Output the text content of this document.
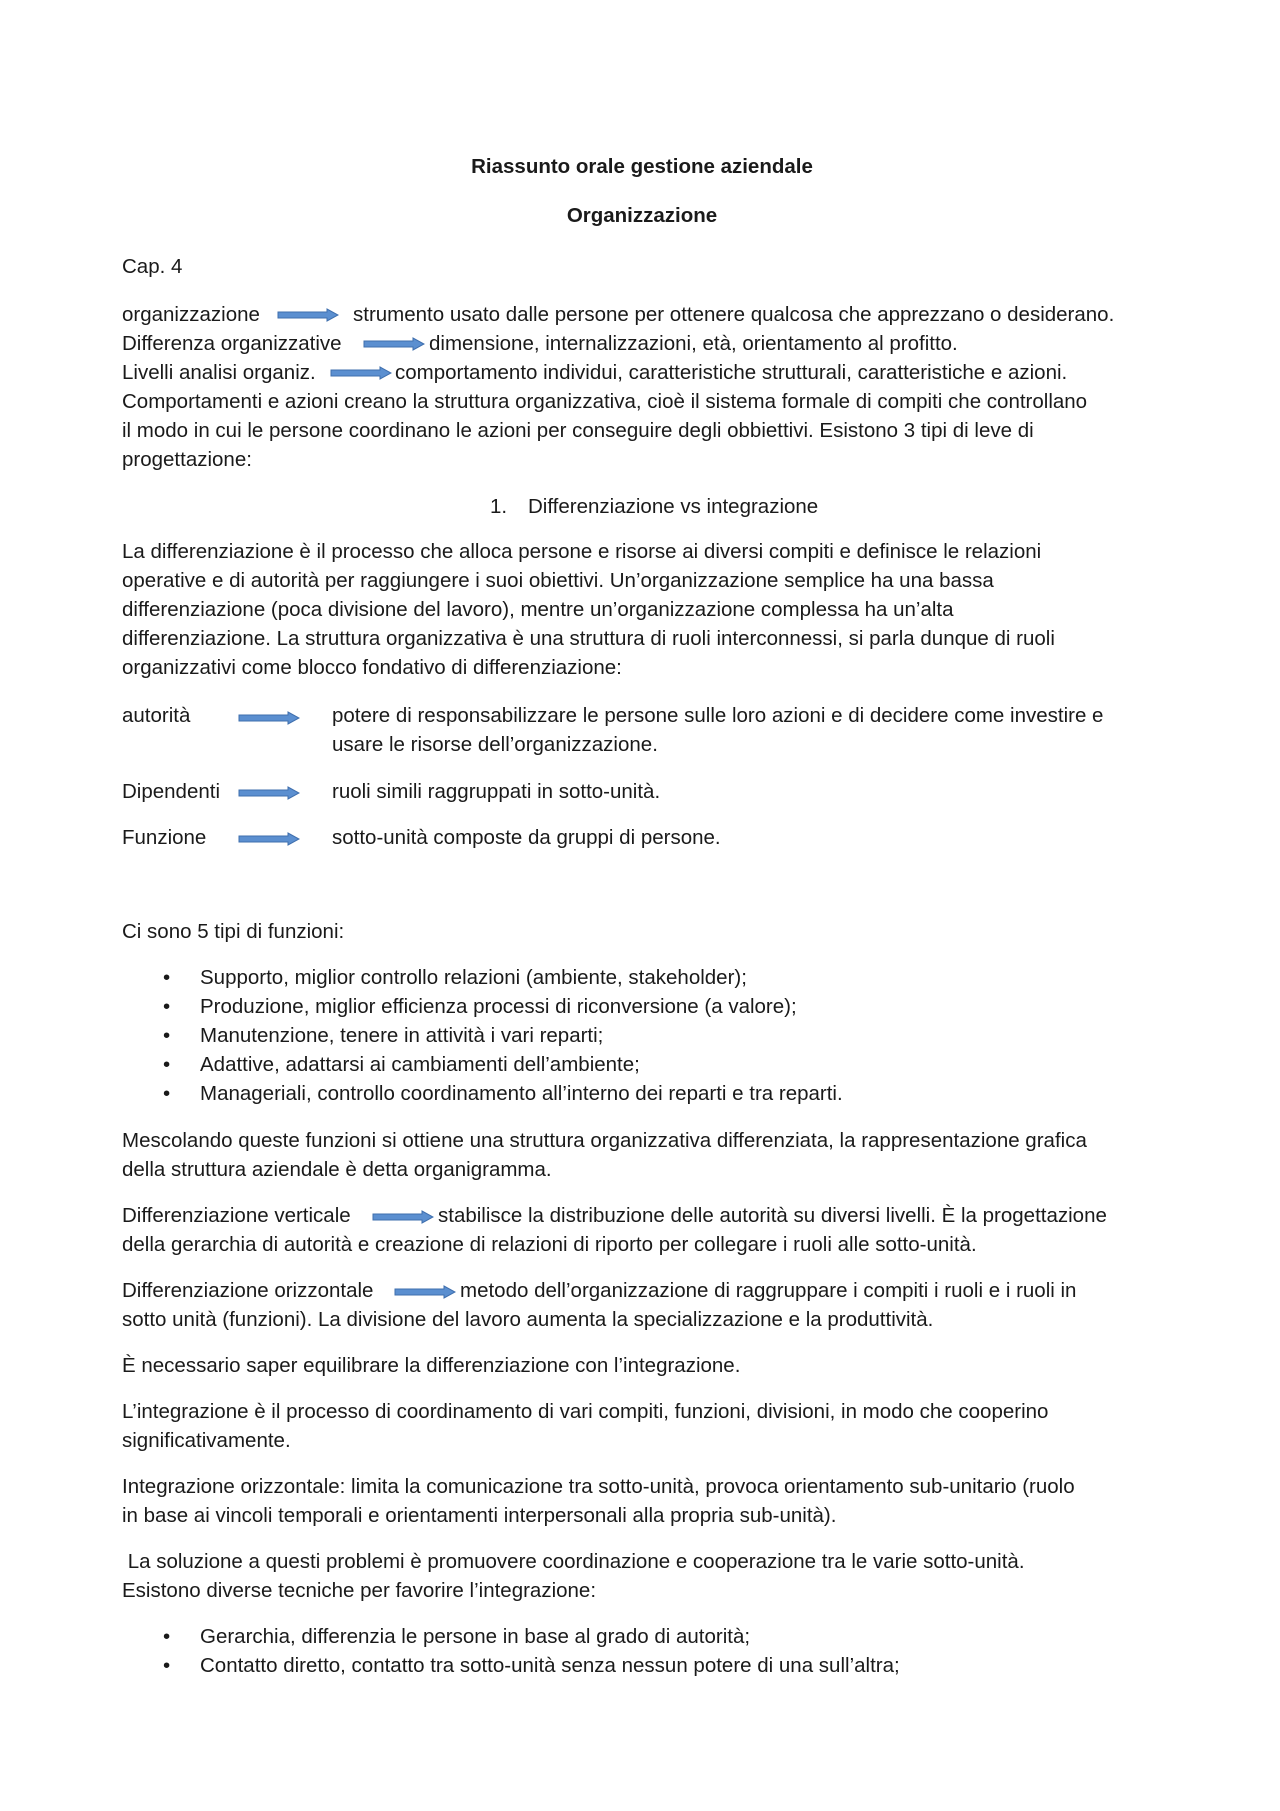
Riassunto orale gestione aziendale

Organizzazione

Cap. 4

organizzazione	strumento usato dalle persone per ottenere qualcosa che apprezzano o desiderano.

Differenza organizzative	dimensione, internalizzazioni, età, orientamento al profitto.

Livelli analisi organiz.	comportamento individui, caratteristiche strutturali, caratteristiche e azioni.

Comportamenti e azioni creano la struttura organizzativa, cioè il sistema formale di compiti che controllano

il modo in cui le persone coordinano le azioni per conseguire degli obbiettivi. Esistono 3 tipi di leve di

progettazione:

1. Differenziazione vs integrazione

La differenziazione è il processo che alloca persone e risorse ai diversi compiti e definisce le relazioni

operative e di autorità per raggiungere i suoi obiettivi. Un’organizzazione semplice ha una bassa

differenziazione (poca divisione del lavoro), mentre un’organizzazione complessa ha un’alta

differenziazione. La struttura organizzativa è una struttura di ruoli interconnessi, si parla dunque di ruoli

organizzativi come blocco fondativo di differenziazione:

autorità	potere di responsabilizzare le persone sulle loro azioni e di decidere come investire e

usare le risorse dell’organizzazione.

Dipendenti	ruoli simili raggruppati in sotto-unità.

Funzione	sotto-unità composte da gruppi di persone.

Ci sono 5 tipi di funzioni:

• Supporto, miglior controllo relazioni (ambiente, stakeholder);
• Produzione, miglior efficienza processi di riconversione (a valore);
• Manutenzione, tenere in attività i vari reparti;
• Adattive, adattarsi ai cambiamenti dell’ambiente;
• Manageriali, controllo coordinamento all’interno dei reparti e tra reparti.

Mescolando queste funzioni si ottiene una struttura organizzativa differenziata, la rappresentazione grafica

della struttura aziendale è detta organigramma.

Differenziazione verticale	stabilisce la distribuzione delle autorità su diversi livelli. È la progettazione

della gerarchia di autorità e creazione di relazioni di riporto per collegare i ruoli alle sotto-unità.

Differenziazione orizzontale	metodo dell’organizzazione di raggruppare i compiti i ruoli e i ruoli in

sotto unità (funzioni). La divisione del lavoro aumenta la specializzazione e la produttività.

È necessario saper equilibrare la differenziazione con l’integrazione.

L’integrazione è il processo di coordinamento di vari compiti, funzioni, divisioni, in modo che cooperino

significativamente.

Integrazione orizzontale: limita la comunicazione tra sotto-unità, provoca orientamento sub-unitario (ruolo

in base ai vincoli temporali e orientamenti interpersonali alla propria sub-unità).

La soluzione a questi problemi è promuovere coordinazione e cooperazione tra le varie sotto-unità.

Esistono diverse tecniche per favorire l’integrazione:

• Gerarchia, differenzia le persone in base al grado di autorità;
• Contatto diretto, contatto tra sotto-unità senza nessun potere di una sull’altra;
